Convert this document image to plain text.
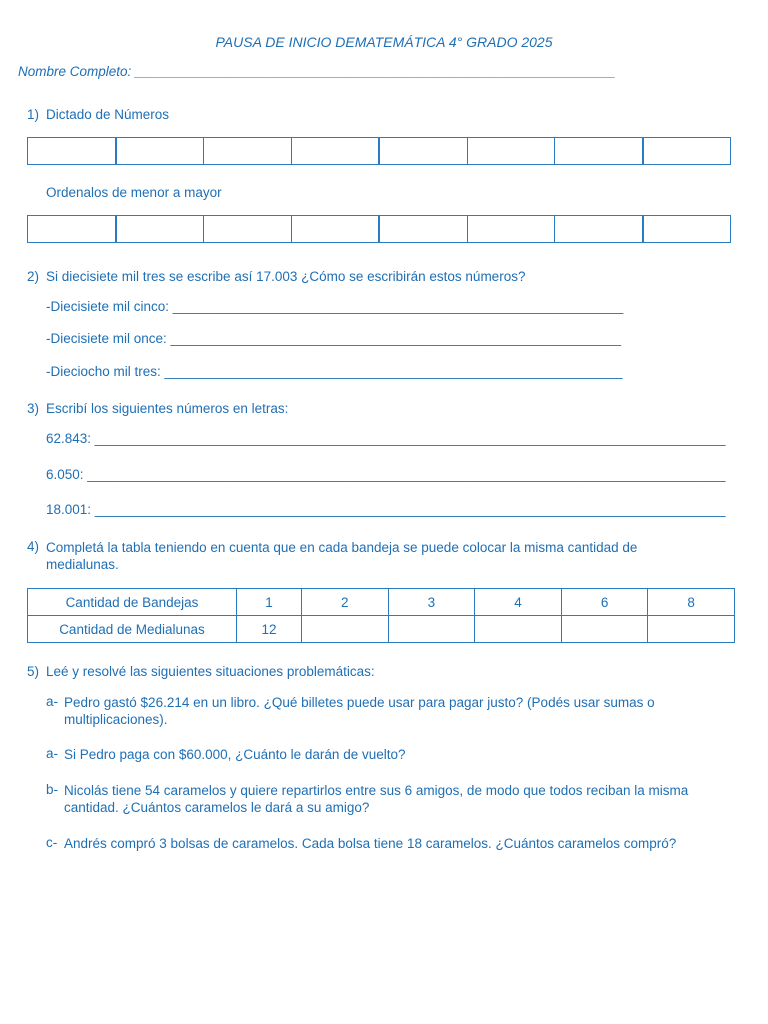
PAUSA DE INICIO DEMATEMÁTICA 4° GRADO 2025
Nombre Completo: ________________________________________________________________
1) Dictado de Números
Ordenalos de menor a mayor
2) Si diecisiete mil tres se escribe así 17.003 ¿Cómo se escribirán estos números?
-Diecisiete mil cinco: ____________________________________________________________
-Diecisiete mil once: ____________________________________________________________
-Dieciocho mil tres: _____________________________________________________________
3) Escribí los siguientes números en letras:
62.843: ____________________________________________________________________________________
6.050: _____________________________________________________________________________________
18.001: ____________________________________________________________________________________
4) Completá la tabla teniendo en cuenta que en cada bandeja se puede colocar la misma cantidad de medialunas.
Cantidad de Bandejas	1	2	3	4	6	8
Cantidad de Medialunas	12					
5) Leé y resolvé las siguientes situaciones problemáticas:
a- Pedro gastó $26.214 en un libro. ¿Qué billetes puede usar para pagar justo? (Podés usar sumas o multiplicaciones).
a- Si Pedro paga con $60.000, ¿Cuánto le darán de vuelto?
b- Nicolás tiene 54 caramelos y quiere repartirlos entre sus 6 amigos, de modo que todos reciban la misma cantidad. ¿Cuántos caramelos le dará a su amigo?
c- Andrés compró 3 bolsas de caramelos. Cada bolsa tiene 18 caramelos. ¿Cuántos caramelos compró?
